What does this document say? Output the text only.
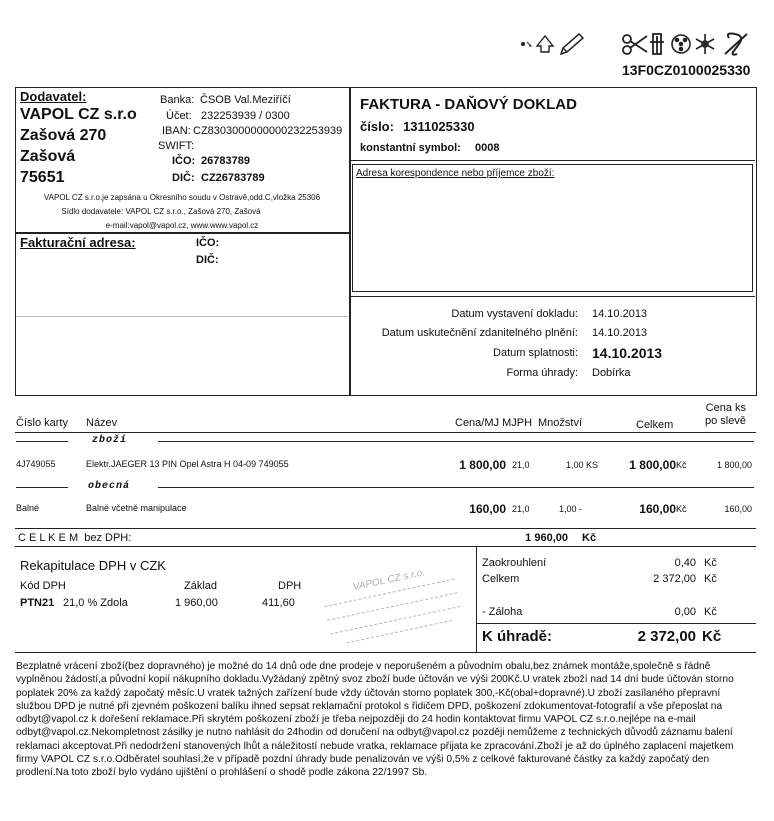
13F0CZ0100025330
Dodavatel:
VAPOL CZ s.r.o
Zašová 270
Zašová
75651
Banka: ČSOB Val.Meziříčí
Účet: 232253939 / 0300
IBAN: CZ8303000000000232253939
SWIFT:
IČO: 26783789
DIČ: CZ26783789
VAPOL CZ s.r.o.je zapsána u Okresního soudu v Ostravě,odd.C,vložka 25306
Sídlo dodavatele: VAPOL CZ s.r.o., Zašová 270, Zašová
e-mail:vapol@vapol.cz, www.www.vapol.cz
Fakturační adresa:	IČO:
DIČ:
FAKTURA - DAŇOVÝ DOKLAD
číslo: 1311025330
konstantní symbol: 0008
Adresa korespondence nebo příjemce zboží:
Datum vystavení dokladu: 14.10.2013
Datum uskutečnění zdanitelného plnění: 14.10.2013
Datum splatnosti: 14.10.2013
Forma úhrady: Dobírka
Číslo karty Název	Cena/MJ MJPH Množství	Celkem
Cena ks
po slevě
zboží
4J749055	Elektr.JAEGER 13 PIN Opel Astra H 04-09 749055	1 800,00 21,0	1,00 KS	1 800,00 Kč	1 800,00
obecná
Balné	Balné včetně manipulace	160,00 21,0	1,00 -	160,00 Kč	160,00
C E L K E M  bez DPH:	1 960,00 Kč
Rekapitulace DPH v CZK
Kód DPH	Základ	DPH
PTN21 21,0 % Zdola	1 960,00	411,60
VAPOL CZ s.r.o.
Zaokrouhlení	0,40 Kč
Celkem	2 372,00 Kč
- Záloha	0,00 Kč
K úhradě:	2 372,00 Kč
Bezplatné vrácení zboží(bez dopravného) je možné do 14 dnů ode dne prodeje v neporušeném a původním obalu,bez známek montáže,společně s řádně vyplněnou žádostí,a původní kopií nákupního dokladu.Vyžádaný zpětný svoz zboží bude účtován ve výši 200Kč.U vratek zboží nad 14 dní bude účtován storno poplatek 20% za každý započatý měsíc.U vratek tažných zařízení bude vždy účtován storno poplatek 300,-Kč(obal+dopravné).U zboží zasílaného přepravní službou DPD je nutné při zjevném poškození balíku ihned sepsat reklamační protokol s řidičem DPD, poškození zdokumentovat-fotografií a vše přeposlat na odbyt@vapol.cz k dořešení reklamace.Při skrytém poškození zboží je třeba nejpozději do 24 hodin kontaktovat firmu VAPOL CZ s.r.o.nejlépe na e-mail odbyt@vapol.cz.Nekompletnost zásilky je nutno nahlásit do 24hodin od doručení na odbyt@vapol.cz později nemůžeme z technických důvodů záznamu balení reklamaci akceptovat.Při nedodržení stanovených lhůt a náležitostí nebude vratka, reklamace přijata ke zpracování.Zboží je až do úplného zaplacení majetkem firmy VAPOL CZ s.r.o.Odběratel souhlasí,že v případě pozdní úhrady bude penalizován ve výši 0,5% z celkové fakturované částky za každý započatý den prodlení.Na toto zboží bylo vydáno ujištění o prohlášení o shodě podle zákona 22/1997 Sb.
